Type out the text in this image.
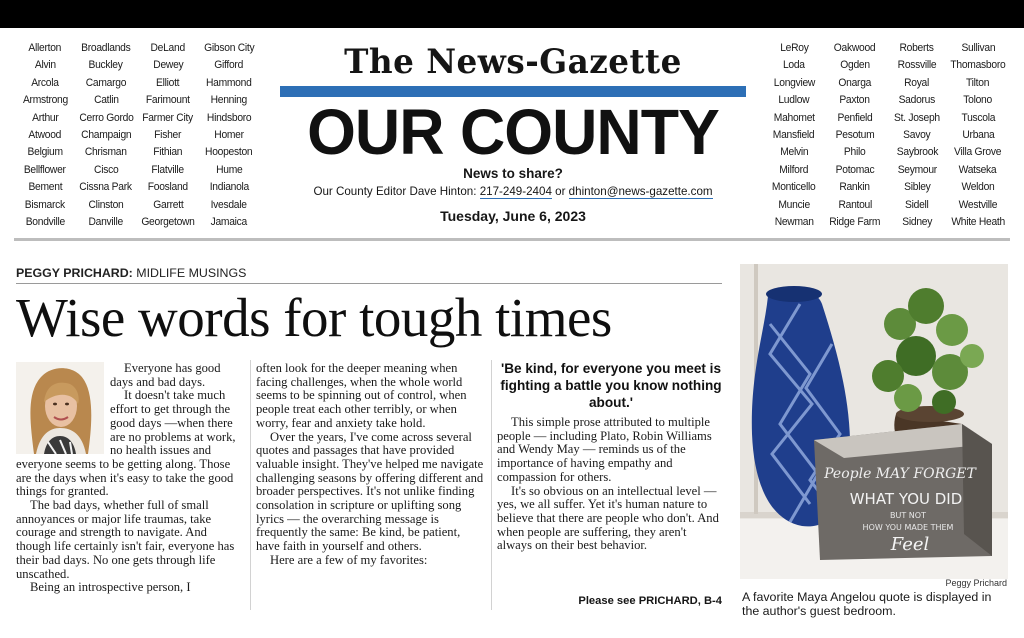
Allerton
Alvin
Arcola
Armstrong
Arthur
Atwood
Belgium
Bellflower
Bement
Bismarck
Bondville
Broadlands
Buckley
Camargo
Catlin
Cerro Gordo
Champaign
Chrisman
Cisco
Cissna Park
Clinston
Danville
DeLand
Dewey
Elliott
Farimount
Farmer City
Fisher
Fithian
Flatville
Foosland
Garrett
Georgetown
Gibson City
Gifford
Hammond
Henning
Hindsboro
Homer
Hoopeston
Hume
Indianola
Ivesdale
Jamaica
The News-Gazette
OUR COUNTY
News to share?
Our County Editor Dave Hinton: 217-249-2404 or dhinton@news-gazette.com
Tuesday, June 6, 2023
LeRoy
Loda
Longview
Ludlow
Mahomet
Mansfield
Melvin
Milford
Monticello
Muncie
Newman
Oakwood
Ogden
Onarga
Paxton
Penfield
Pesotum
Philo
Potomac
Rankin
Rantoul
Ridge Farm
Roberts
Rossville
Royal
Sadorus
St. Joseph
Savoy
Saybrook
Seymour
Sibley
Sidell
Sidney
Sullivan
Thomasboro
Tilton
Tolono
Tuscola
Urbana
Villa Grove
Watseka
Weldon
Westville
White Heath
PEGGY PRICHARD: MIDLIFE MUSINGS
Wise words for tough times

Everyone has good days and bad days.

It doesn't take much effort to get through the good days —when there are no problems at work, no health issues and everyone seems to be getting along. Those are the days when it's easy to take the good things for granted.

The bad days, whether full of small annoyances or major life traumas, take courage and strength to navigate. And though life certainly isn't fair, everyone has their bad days. No one gets through life unscathed.

Being an introspective person, I

often look for the deeper meaning when facing challenges, when the whole world seems to be spinning out of control, when people treat each other terribly, or when worry, fear and anxiety take hold.

Over the years, I've come across several quotes and passages that have provided valuable insight. They've helped me navigate challenging seasons by offering different and broader perspectives. It's not unlike finding consolation in scripture or uplifting song lyrics — the overarching message is frequently the same: Be kind, be patient, have faith in yourself and others.

Here are a few of my favorites:

'Be kind, for everyone you meet is fighting a battle you know nothing about.'

This simple prose attributed to multiple people — including Plato, Robin Williams and Wendy May — reminds us of the importance of having empathy and compassion for others.

It's so obvious on an intellectual level — yes, we all suffer. Yet it's human nature to believe that there are people who don't. And when people are suffering, they aren't always on their best behavior.

Please see PRICHARD, B-4
People MAY FORGET
WHAT YOU DID
BUT NOT
HOW YOU MADE THEM
Feel
Peggy Prichard
A favorite Maya Angelou quote is displayed in the author's guest bedroom.
